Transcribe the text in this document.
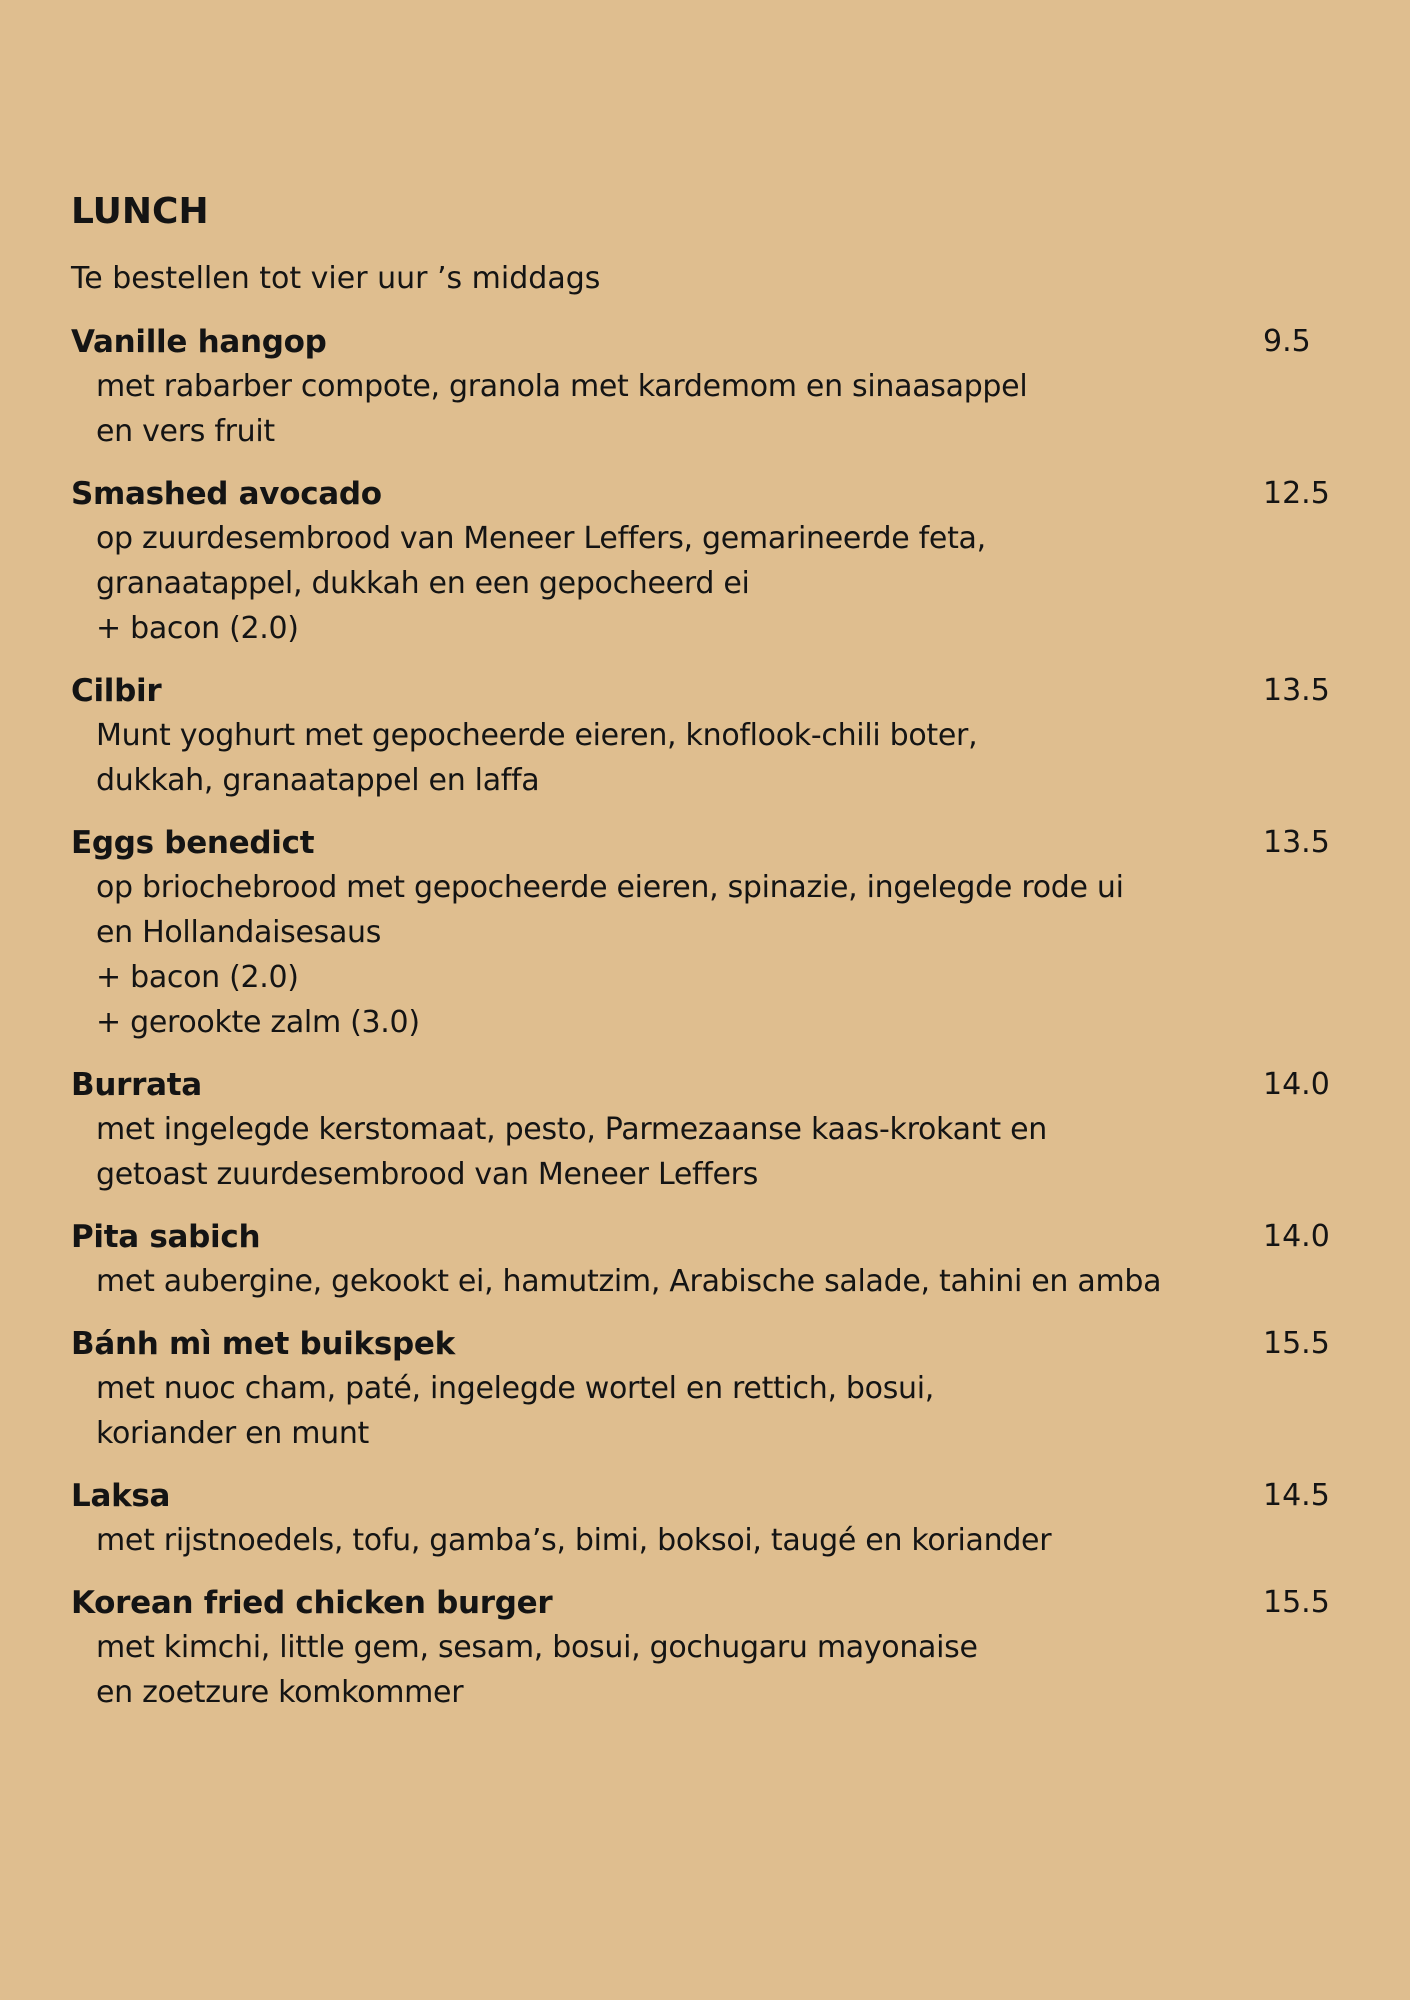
LUNCH
Te bestellen tot vier uur ’s middags
Vanille hangop	9.5
met rabarber compote, granola met kardemom en sinaasappel
en vers fruit
Smashed avocado	12.5
op zuurdesembrood van Meneer Leffers, gemarineerde feta,
granaatappel, dukkah en een gepocheerd ei
+ bacon (2.0)
Cilbir	13.5
Munt yoghurt met gepocheerde eieren, knoflook-chili boter,
dukkah, granaatappel en laffa
Eggs benedict	13.5
op briochebrood met gepocheerde eieren, spinazie, ingelegde rode ui
en Hollandaisesaus
+ bacon (2.0)
+ gerookte zalm (3.0)
Burrata	14.0
met ingelegde kerstomaat, pesto, Parmezaanse kaas-krokant en
getoast zuurdesembrood van Meneer Leffers
Pita sabich	14.0
met aubergine, gekookt ei, hamutzim, Arabische salade, tahini en amba
Bánh mì met buikspek	15.5
met nuoc cham, paté, ingelegde wortel en rettich, bosui,
koriander en munt
Laksa	14.5
met rijstnoedels, tofu, gamba’s, bimi, boksoi, taugé en koriander
Korean fried chicken burger	15.5
met kimchi, little gem, sesam, bosui, gochugaru mayonaise
en zoetzure komkommer
